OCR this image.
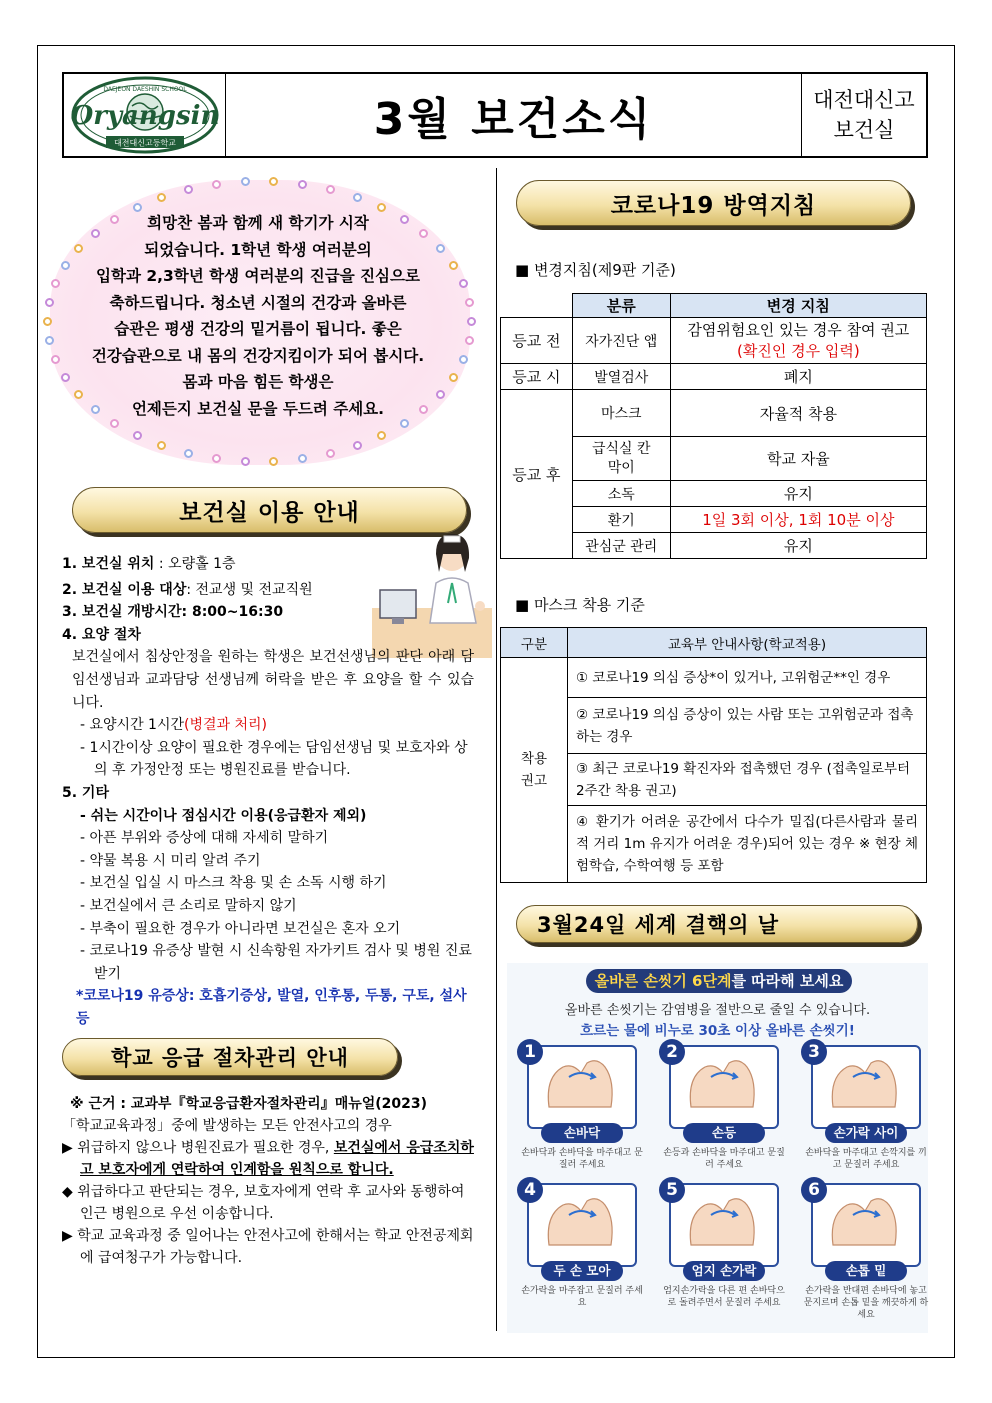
Oryangsin
DAEJEON DAESHIN SCHOOL
대전대신고등학교	3월 보건소식	대전대신고
보건실
희망찬 봄과 함께 새 학기가 시작
되었습니다. 1학년 학생 여러분의
입학과 2,3학년 학생 여러분의 진급을 진심으로
축하드립니다. 청소년 시절의 건강과 올바른
습관은 평생 건강의 밑거름이 됩니다. 좋은
건강습관으로 내 몸의 건강지킴이가 되어 봅시다.
몸과 마음 힘든 학생은
언제든지 보건실 문을 두드려 주세요.
보건실 이용 안내
1. 보건실 위치 : 오량홀 1층
2. 보건실 이용 대상: 전교생 및 전교직원
3. 보건실 개방시간: 8:00~16:30
4. 요양 절차
보건실에서 침상안정을 원하는 학생은 보건선생님의 판단 아래 담임선생님과 교과담당 선생님께 허락을 받은 후 요양을 할 수 있습니다.
- 요양시간 1시간(병결과 처리)
- 1시간이상 요양이 필요한 경우에는 담임선생님 및 보호자와 상의 후 가정안정 또는 병원진료를 받습니다.
5. 기타
- 쉬는 시간이나 점심시간 이용(응급환자 제외)
- 아픈 부위와 증상에 대해 자세히 말하기
- 약물 복용 시 미리 알려 주기
- 보건실 입실 시 마스크 착용 및 손 소독 시행 하기
- 보건실에서 큰 소리로 말하지 않기
- 부축이 필요한 경우가 아니라면 보건실은 혼자 오기
- 코로나19 유증상 발현 시 신속항원 자가키트 검사 및 병원 진료 받기
*코로나19 유증상: 호흡기증상, 발열, 인후통, 두통, 구토, 설사 등
학교 응급 절차관리 안내
※ 근거 : 교과부『학교응급환자절차관리』매뉴얼(2023)
「학교교육과정」중에 발생하는 모든 안전사고의 경우
▶ 위급하지 않으나 병원진료가 필요한 경우, 보건실에서 응급조치하고 보호자에게 연락하여 인계함을 원칙으로 합니다.
◆ 위급하다고 판단되는 경우, 보호자에게 연락 후 교사와 동행하여 인근 병원으로 우선 이송합니다.
▶ 학교 교육과정 중 일어나는 안전사고에 한해서는 학교 안전공제회에 급여청구가 가능합니다.
코로나19 방역지침
■ 변경지침(제9판 기준)
	분류	변경 지침
등교 전	자가진단 앱	감염위험요인 있는 경우 참여 권고
(확진인 경우 입력)

등교 시	발열검사	폐지
등교 후	마스크	자율적 착용
	급식실 칸막이	학교 자율
	소독	유지
	환기	1일 3회 이상, 1회 10분 이상
	관심군 관리	유지
■ 마스크 착용 기준
구분	교육부 안내사항(학교적용)
착용 권고	① 코로나19 의심 증상*이 있거나, 고위험군**인 경우
	② 코로나19 의심 증상이 있는 사람 또는 고위험군과 접촉하는 경우
	③ 최근 코로나19 확진자와 접촉했던 경우 (접촉일로부터 2주간 착용 권고)
	④ 환기가 어려운 공간에서 다수가 밀집(다른사람과 물리적 거리 1m 유지가 어려운 경우)되어 있는 경우 ※ 현장 체험학습, 수학여행 등 포함
3월24일 세계 결핵의 날
올바른 손씻기 6단계를 따라해 보세요
올바른 손씻기는 감염병을 절반으로 줄일 수 있습니다.
흐르는 물에 비누로 30초 이상 올바른 손씻기!
1
손바닥
손바닥과 손바닥을 마주대고 문질러 주세요
2
손등
손등과 손바닥을 마주대고 문질러 주세요
3
손가락 사이
손바닥을 마주대고 손깍지를 끼고 문질러 주세요
4
두 손 모아
손가락을 마주잡고 문질러 주세요
5
엄지 손가락
엄지손가락을 다른 편 손바닥으로 돌려주면서 문질러 주세요
6
손톱 밑
손가락을 반대편 손바닥에 놓고 문지르며 손톱 밑을 깨끗하게 하세요
